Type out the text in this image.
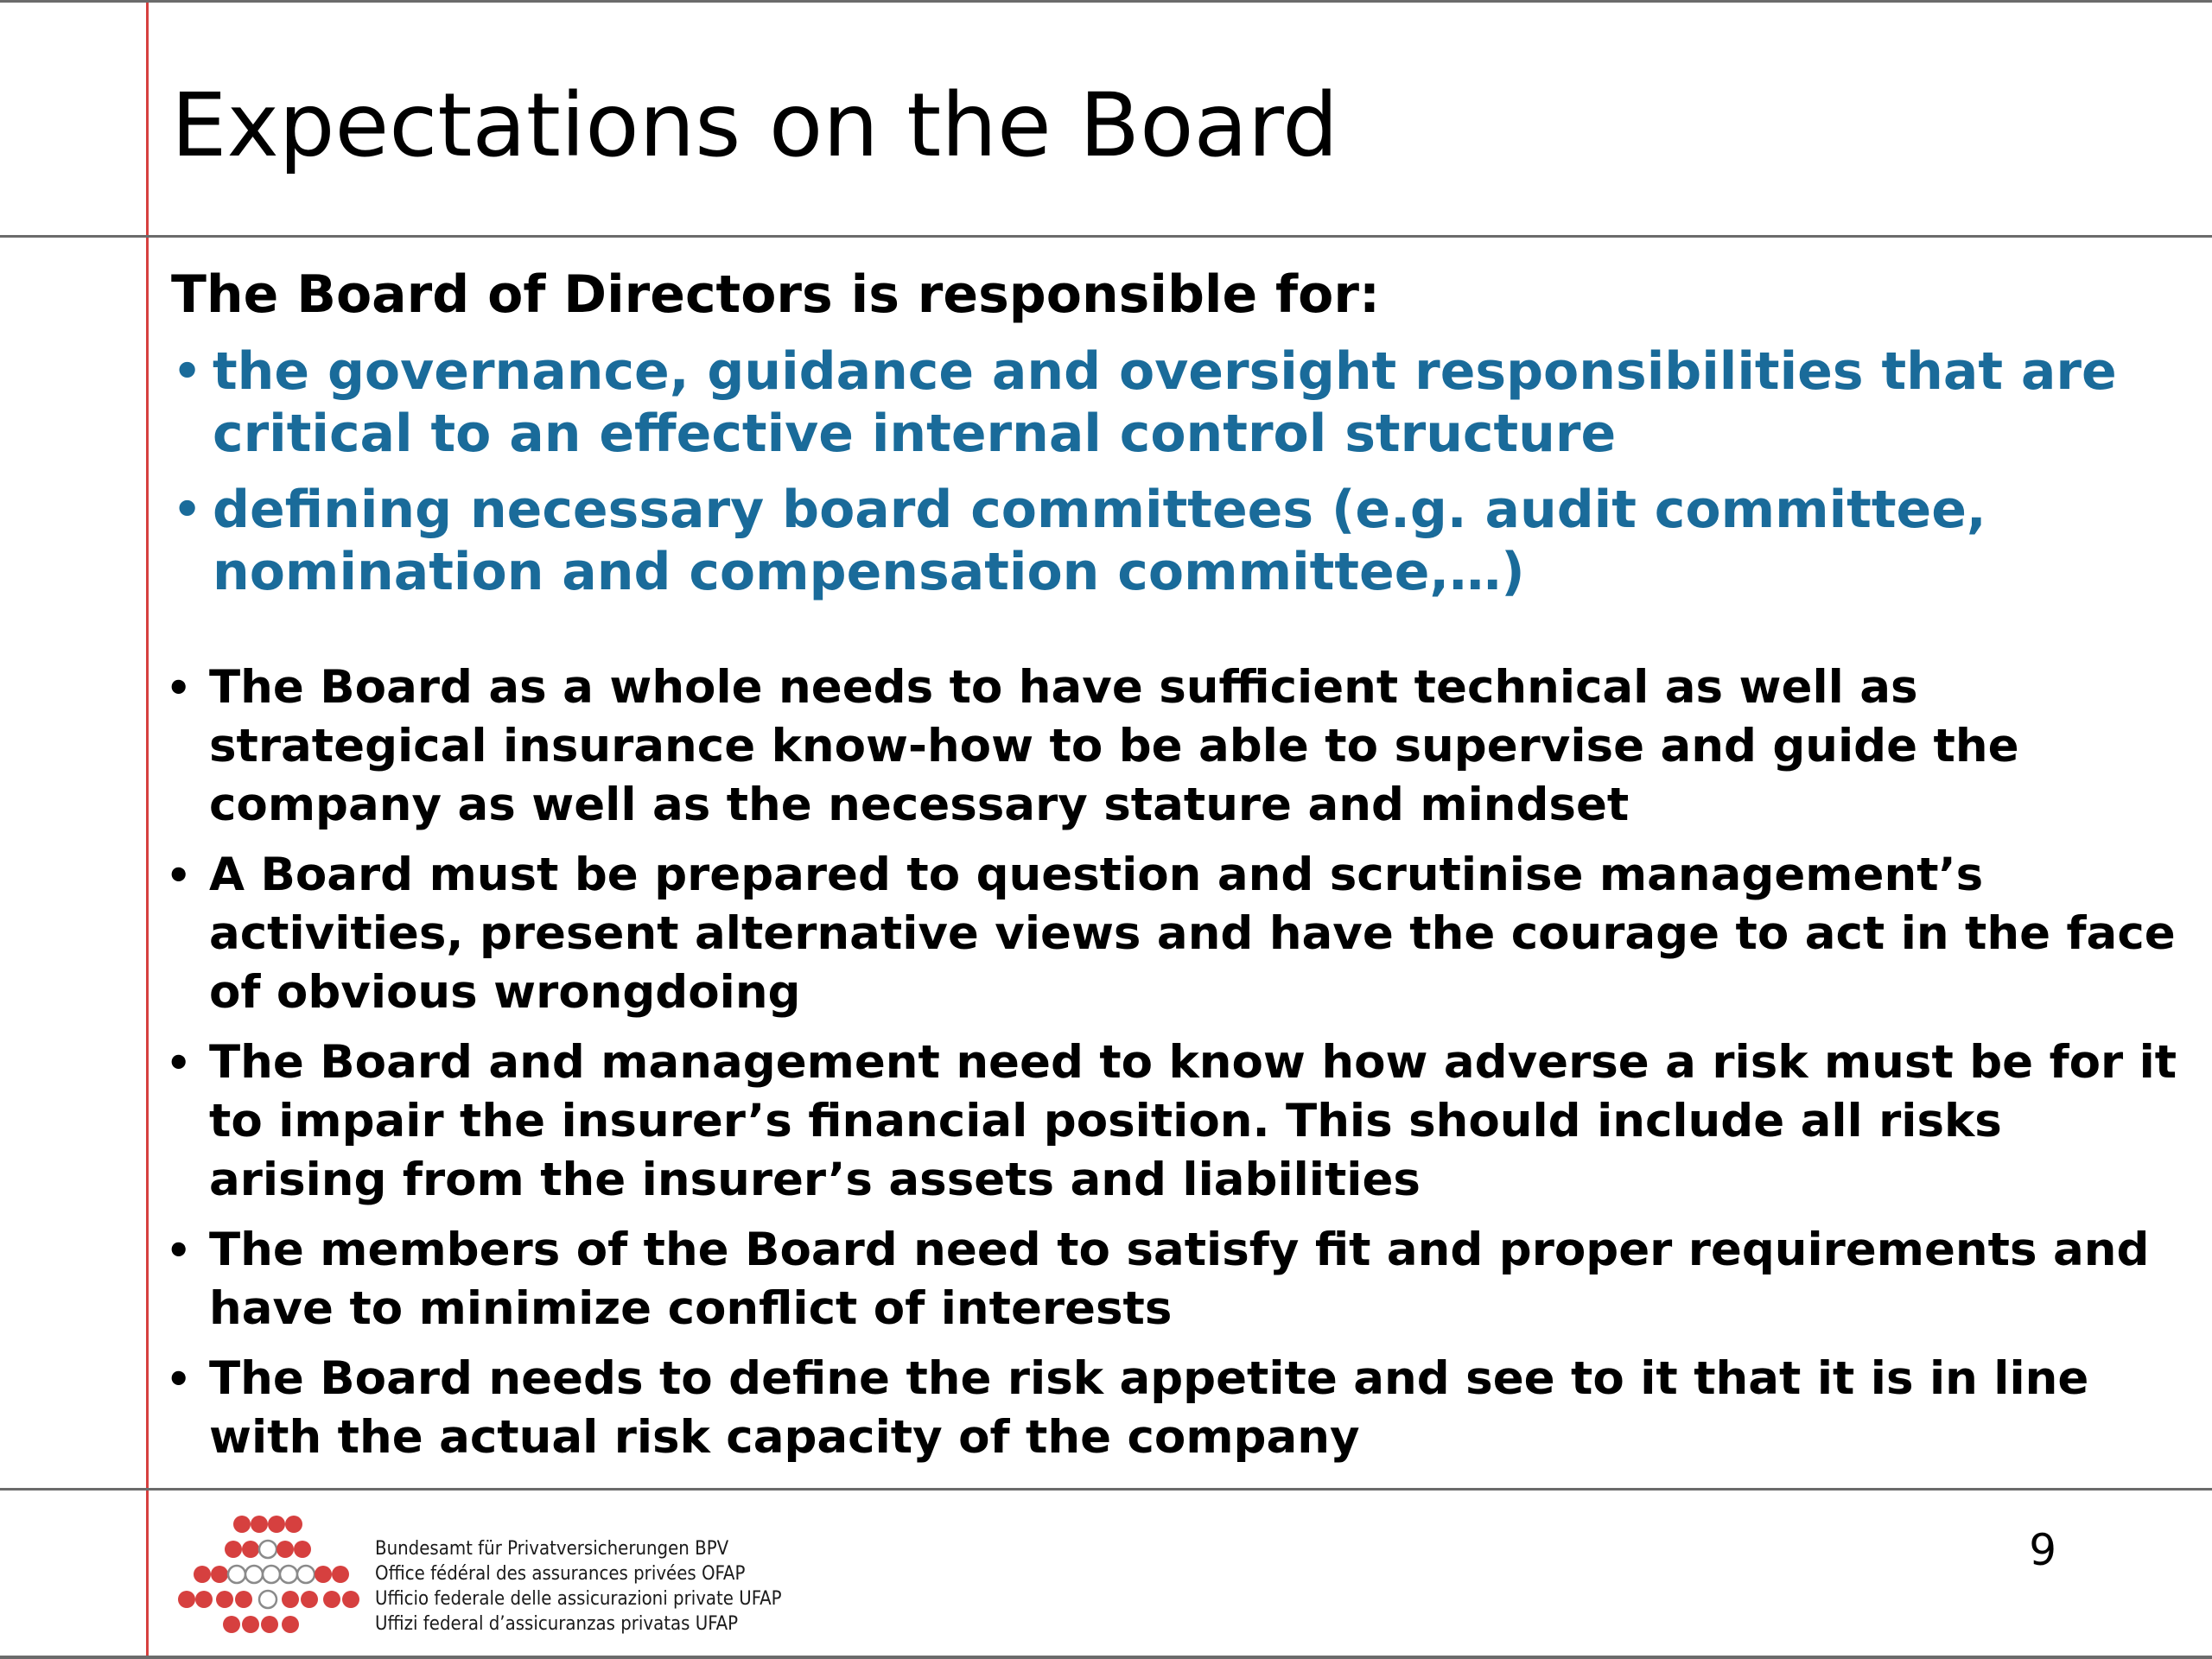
Expectations on the Board

The Board of Directors is responsible for:

• the governance, guidance and oversight responsibilities that are critical to an effective internal control structure
• defining necessary board committees (e.g. audit committee, nomination and compensation committee,…)
• The Board as a whole needs to have sufficient technical as well as strategical insurance know-how to be able to supervise and guide the company as well as the necessary stature and mindset
• A Board must be prepared to question and scrutinise management’s activities, present alternative views and have the courage to act in the face of obvious wrongdoing
• The Board and management need to know how adverse a risk must be for it to impair the insurer’s financial position. This should include all risks arising from the insurer’s assets and liabilities
• The members of the Board need to satisfy fit and proper requirements and have to minimize conflict of interests
• The Board needs to define the risk appetite and see to it that it is in line with the actual risk capacity of the company
Bundesamt für Privatversicherungen BPV
Office fédéral des assurances privées OFAP
Ufficio federale delle assicurazioni private UFAP
Uffizi federal d’assicuranzas privatas UFAP
9
